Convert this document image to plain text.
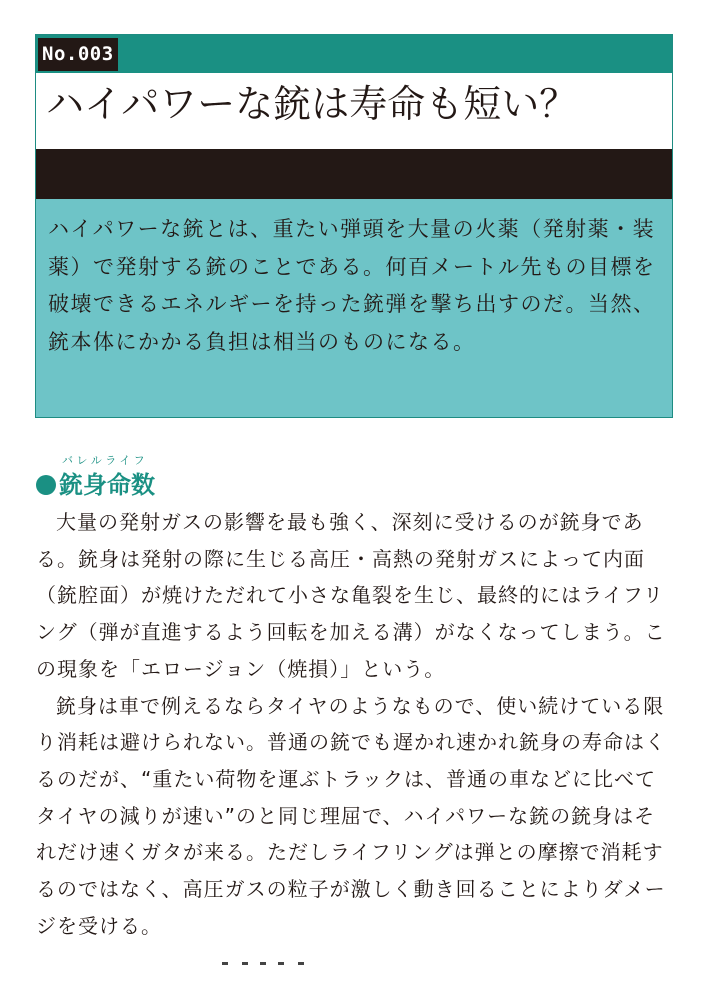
No.003
ハイパワーな銃は寿命も短い？

ハイパワーな銃とは、重たい弾頭を大量の火薬（発射薬・装薬）で発射する銃のことである。何百メートル先もの目標を破壊できるエネルギーを持った銃弾を撃ち出すのだ。当然、銃本体にかかる負担は相当のものになる。

バレルライフ
銃身命数

大量の発射ガスの影響を最も強く、深刻に受けるのが銃身である。銃身は発射の際に生じる高圧・高熱の発射ガスによって内面（銃腔面）が焼けただれて小さな亀裂を生じ、最終的にはライフリング（弾が直進するよう回転を加える溝）がなくなってしまう。この現象を「エロージョン（焼損）」という。

銃身は車で例えるならタイヤのようなもので、使い続けている限り消耗は避けられない。普通の銃でも遅かれ速かれ銃身の寿命はくるのだが、“重たい荷物を運ぶトラックは、普通の車などに比べてタイヤの減りが速い”のと同じ理屈で、ハイパワーな銃の銃身はそれだけ速くガタが来る。ただしライフリングは弾との摩擦で消耗するのではなく、高圧ガスの粒子が激しく動き回ることによりダメージを受ける。
